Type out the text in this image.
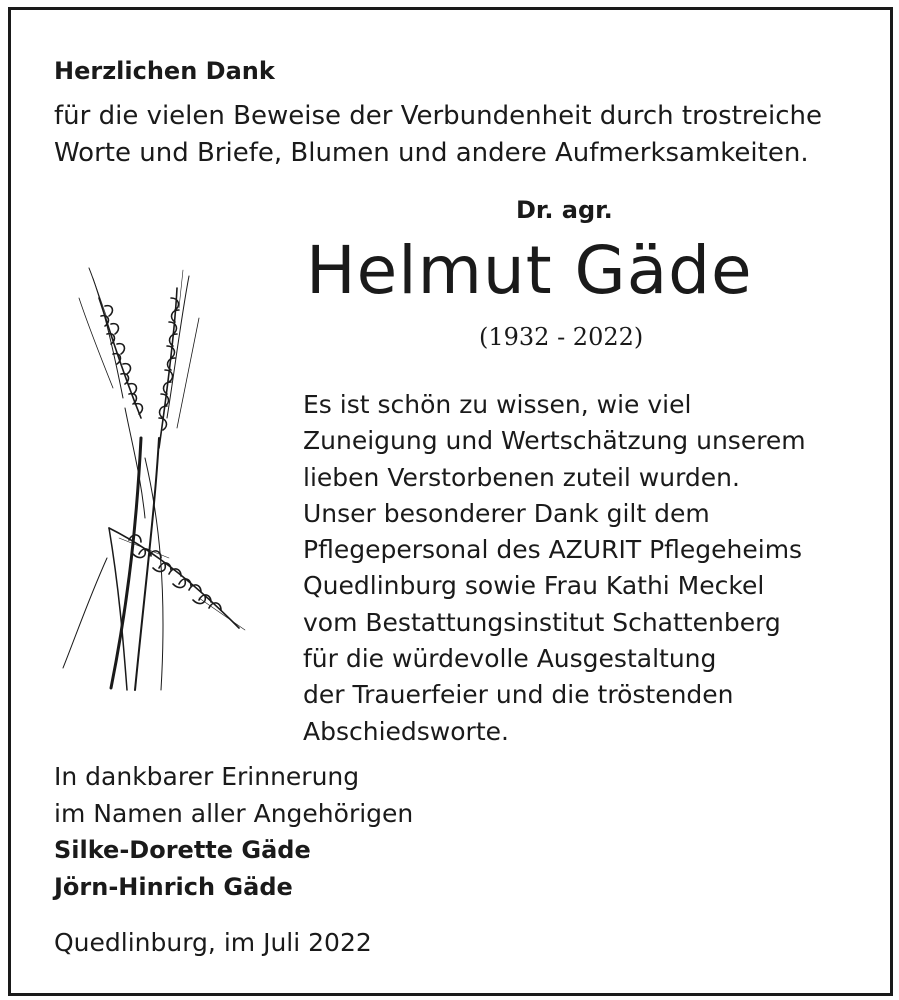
Herzlichen Dank

für die vielen Beweise der Verbundenheit durch trostreiche
Worte und Briefe, Blumen und andere Aufmerksamkeiten.

Dr. agr.

Helmut Gäde

(1932 - 2022)

Es ist schön zu wissen, wie viel
Zuneigung und Wertschätzung unserem
lieben Verstorbenen zuteil wurden.
Unser besonderer Dank gilt dem
Pflegepersonal des AZURIT Pflegeheims
Quedlinburg sowie Frau Kathi Meckel
vom Bestattungsinstitut Schattenberg
für die würdevolle Ausgestaltung
der Trauerfeier und die tröstenden
Abschiedsworte.
In dankbarer Erinnerung
im Namen aller Angehörigen
Silke-Dorette Gäde
Jörn-Hinrich Gäde

Quedlinburg, im Juli 2022
